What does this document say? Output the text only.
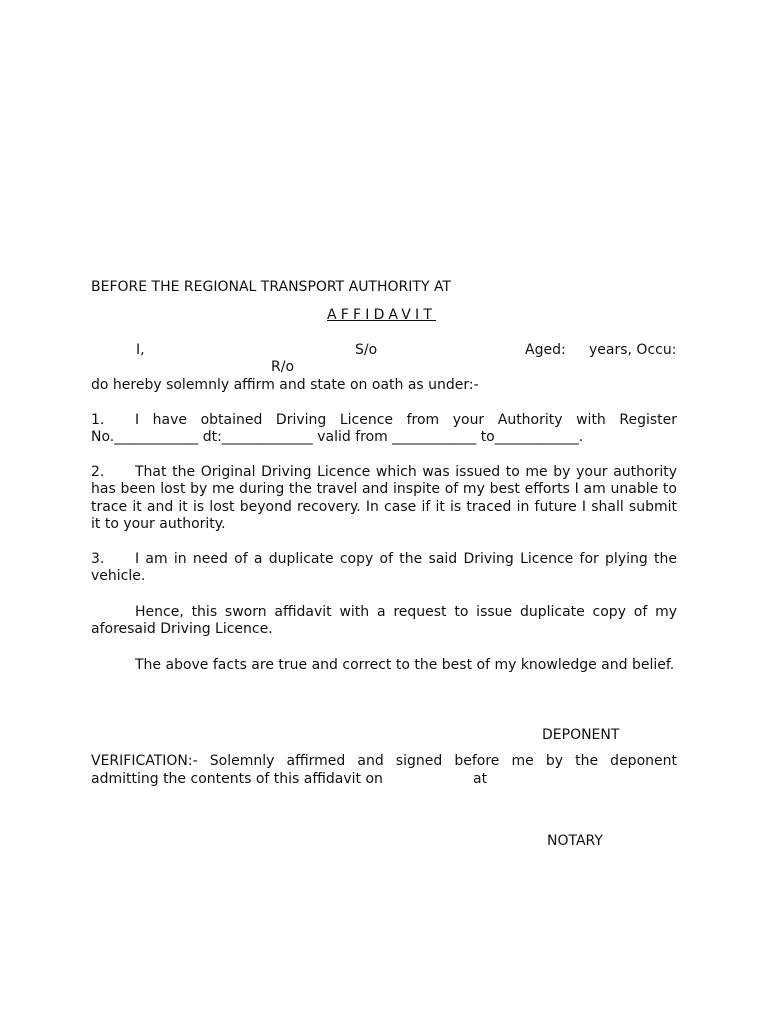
BEFORE THE REGIONAL TRANSPORT AUTHORITY AT
AFFIDAVIT
I,	S/o	Aged: years, Occu:
R/o
do hereby solemnly affirm and state on oath as under:-
1. I have obtained Driving Licence from your Authority with Register
No.____________ dt:_____________ valid from ____________ to____________.
2. That the Original Driving Licence which was issued to me by your authority
has been lost by me during the travel and inspite of my best efforts I am unable to trace it and it is lost beyond recovery. In case if it is traced in future I shall submit it to your authority.
3. I am in need of a duplicate copy of the said Driving Licence for plying the
vehicle.
Hence, this sworn affidavit with a request to issue duplicate copy of my
aforesaid Driving Licence.
The above facts are true and correct to the best of my knowledge and belief.
DEPONENT
VERIFICATION:- Solemnly affirmed and signed before me by the deponent
admitting the contents of this affidavit on	at
NOTARY
